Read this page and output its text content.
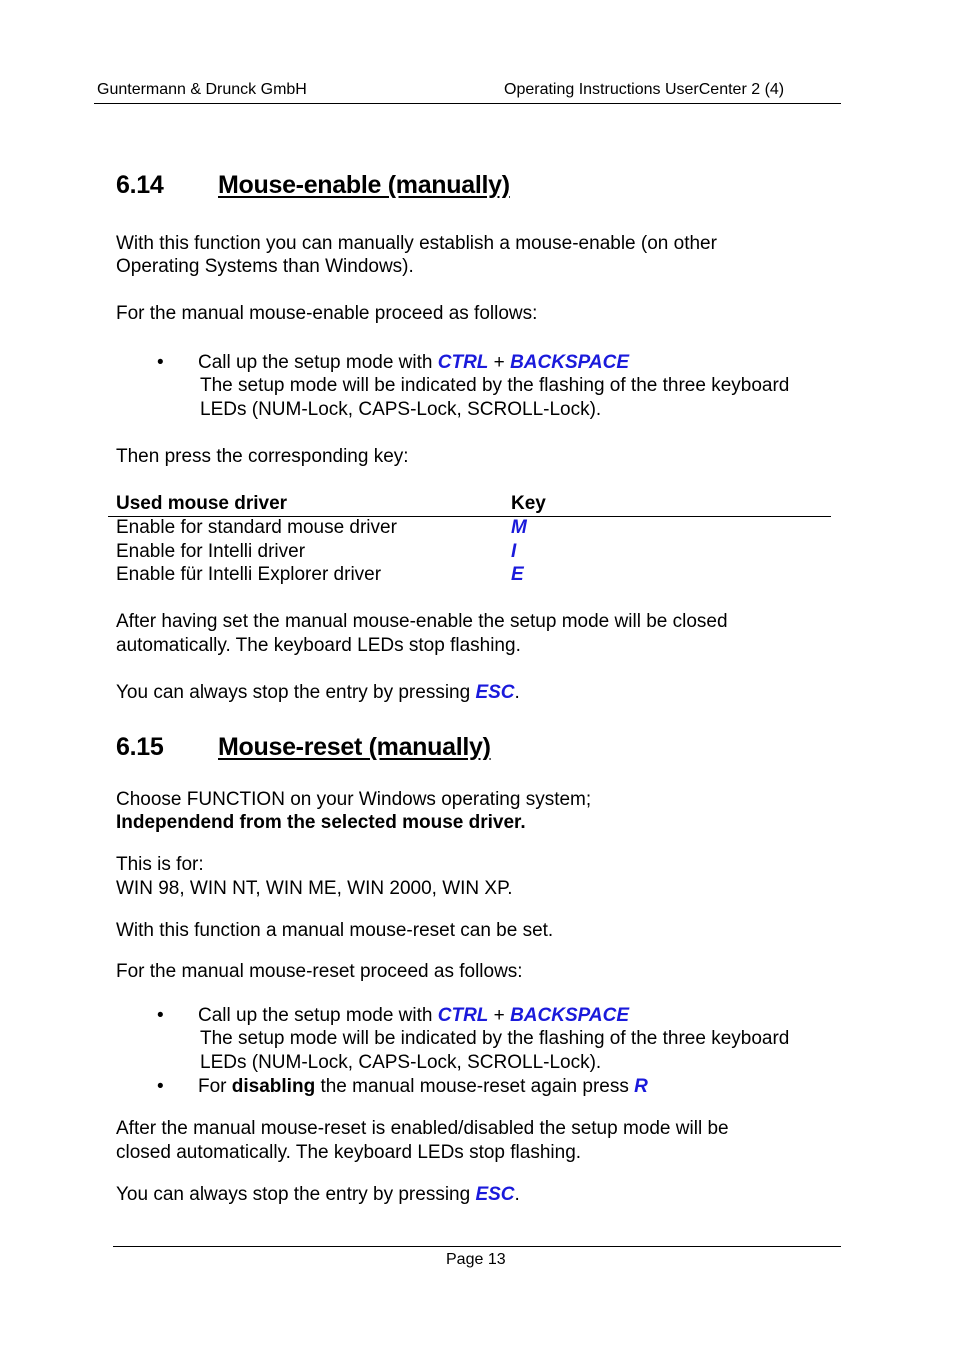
Guntermann & Drunck GmbH	Operating Instructions UserCenter 2 (4)
6.14 Mouse-enable (manually)
With this function you can manually establish a mouse-enable (on other
Operating Systems than Windows).
For the manual mouse-enable proceed as follows:
• Call up the setup mode with CTRL + BACKSPACE
The setup mode will be indicated by the flashing of the three keyboard
LEDs (NUM-Lock, CAPS-Lock, SCROLL-Lock).
Then press the corresponding key:
Used mouse driver	Key
Enable for standard mouse driver	M
Enable for Intelli driver	I
Enable für Intelli Explorer driver	E
After having set the manual mouse-enable the setup mode will be closed
automatically. The keyboard LEDs stop flashing.
You can always stop the entry by pressing ESC.
6.15 Mouse-reset (manually)
Choose FUNCTION on your Windows operating system;
Independend from the selected mouse driver.
This is for:
WIN 98, WIN NT, WIN ME, WIN 2000, WIN XP.
With this function a manual mouse-reset can be set.
For the manual mouse-reset proceed as follows:
• Call up the setup mode with CTRL + BACKSPACE
The setup mode will be indicated by the flashing of the three keyboard
LEDs (NUM-Lock, CAPS-Lock, SCROLL-Lock).
• For disabling the manual mouse-reset again press R
After the manual mouse-reset is enabled/disabled the setup mode will be
closed automatically. The keyboard LEDs stop flashing.
You can always stop the entry by pressing ESC.
Page 13
